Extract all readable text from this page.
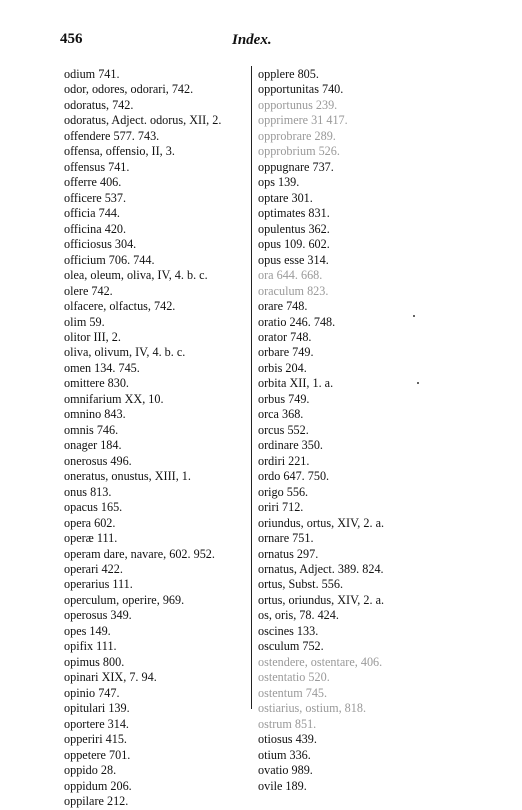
456	Index.
odium 741.
odor, odores, odorari, 742.
odoratus, 742.
odoratus, Adject. odorus, XII, 2.
offendere 577. 743.
offensa, offensio, II, 3.
offensus 741.
offerre 406.
officere 537.
officia 744.
officina 420.
officiosus 304.
officium 706. 744.
olea, oleum, oliva, IV, 4. b. c.
olere 742.
olfacere, olfactus, 742.
olim 59.
olitor III, 2.
oliva, olivum, IV, 4. b. c.
omen 134. 745.
omittere 830.
omnifarium XX, 10.
omnino 843.
omnis 746.
onager 184.
onerosus 496.
oneratus, onustus, XIII, 1.
onus 813.
opacus 165.
opera 602.
operæ 111.
operam dare, navare, 602. 952.
operari 422.
operarius 111.
operculum, operire, 969.
operosus 349.
opes 149.
opifix 111.
opimus 800.
opinari XIX, 7. 94.
opinio 747.
opitulari 139.
oportere 314.
opperiri 415.
oppetere 701.
oppido 28.
oppidum 206.
oppilare 212.
opplere 805.
opportunitas 740.
opportunus 239.
opprimere 31 417.
opprobrare 289.
opprobrium 526.
oppugnare 737.
ops 139.
optare 301.
optimates 831.
opulentus 362.
opus 109. 602.
opus esse 314.
ora 644. 668.
oraculum 823.
orare 748.
oratio 246. 748.
orator 748.
orbare 749.
orbis 204.
orbita XII, 1. a.
orbus 749.
orca 368.
orcus 552.
ordinare 350.
ordiri 221.
ordo 647. 750.
origo 556.
oriri 712.
oriundus, ortus, XIV, 2. a.
ornare 751.
ornatus 297.
ornatus, Adject. 389. 824.
ortus, Subst. 556.
ortus, oriundus, XIV, 2. a.
os, oris, 78. 424.
oscines 133.
osculum 752.
ostendere, ostentare, 406.
ostentatio 520.
ostentum 745.
ostiarius, ostium, 818.
ostrum 851.
otiosus 439.
otium 336.
ovatio 989.
ovile 189.
